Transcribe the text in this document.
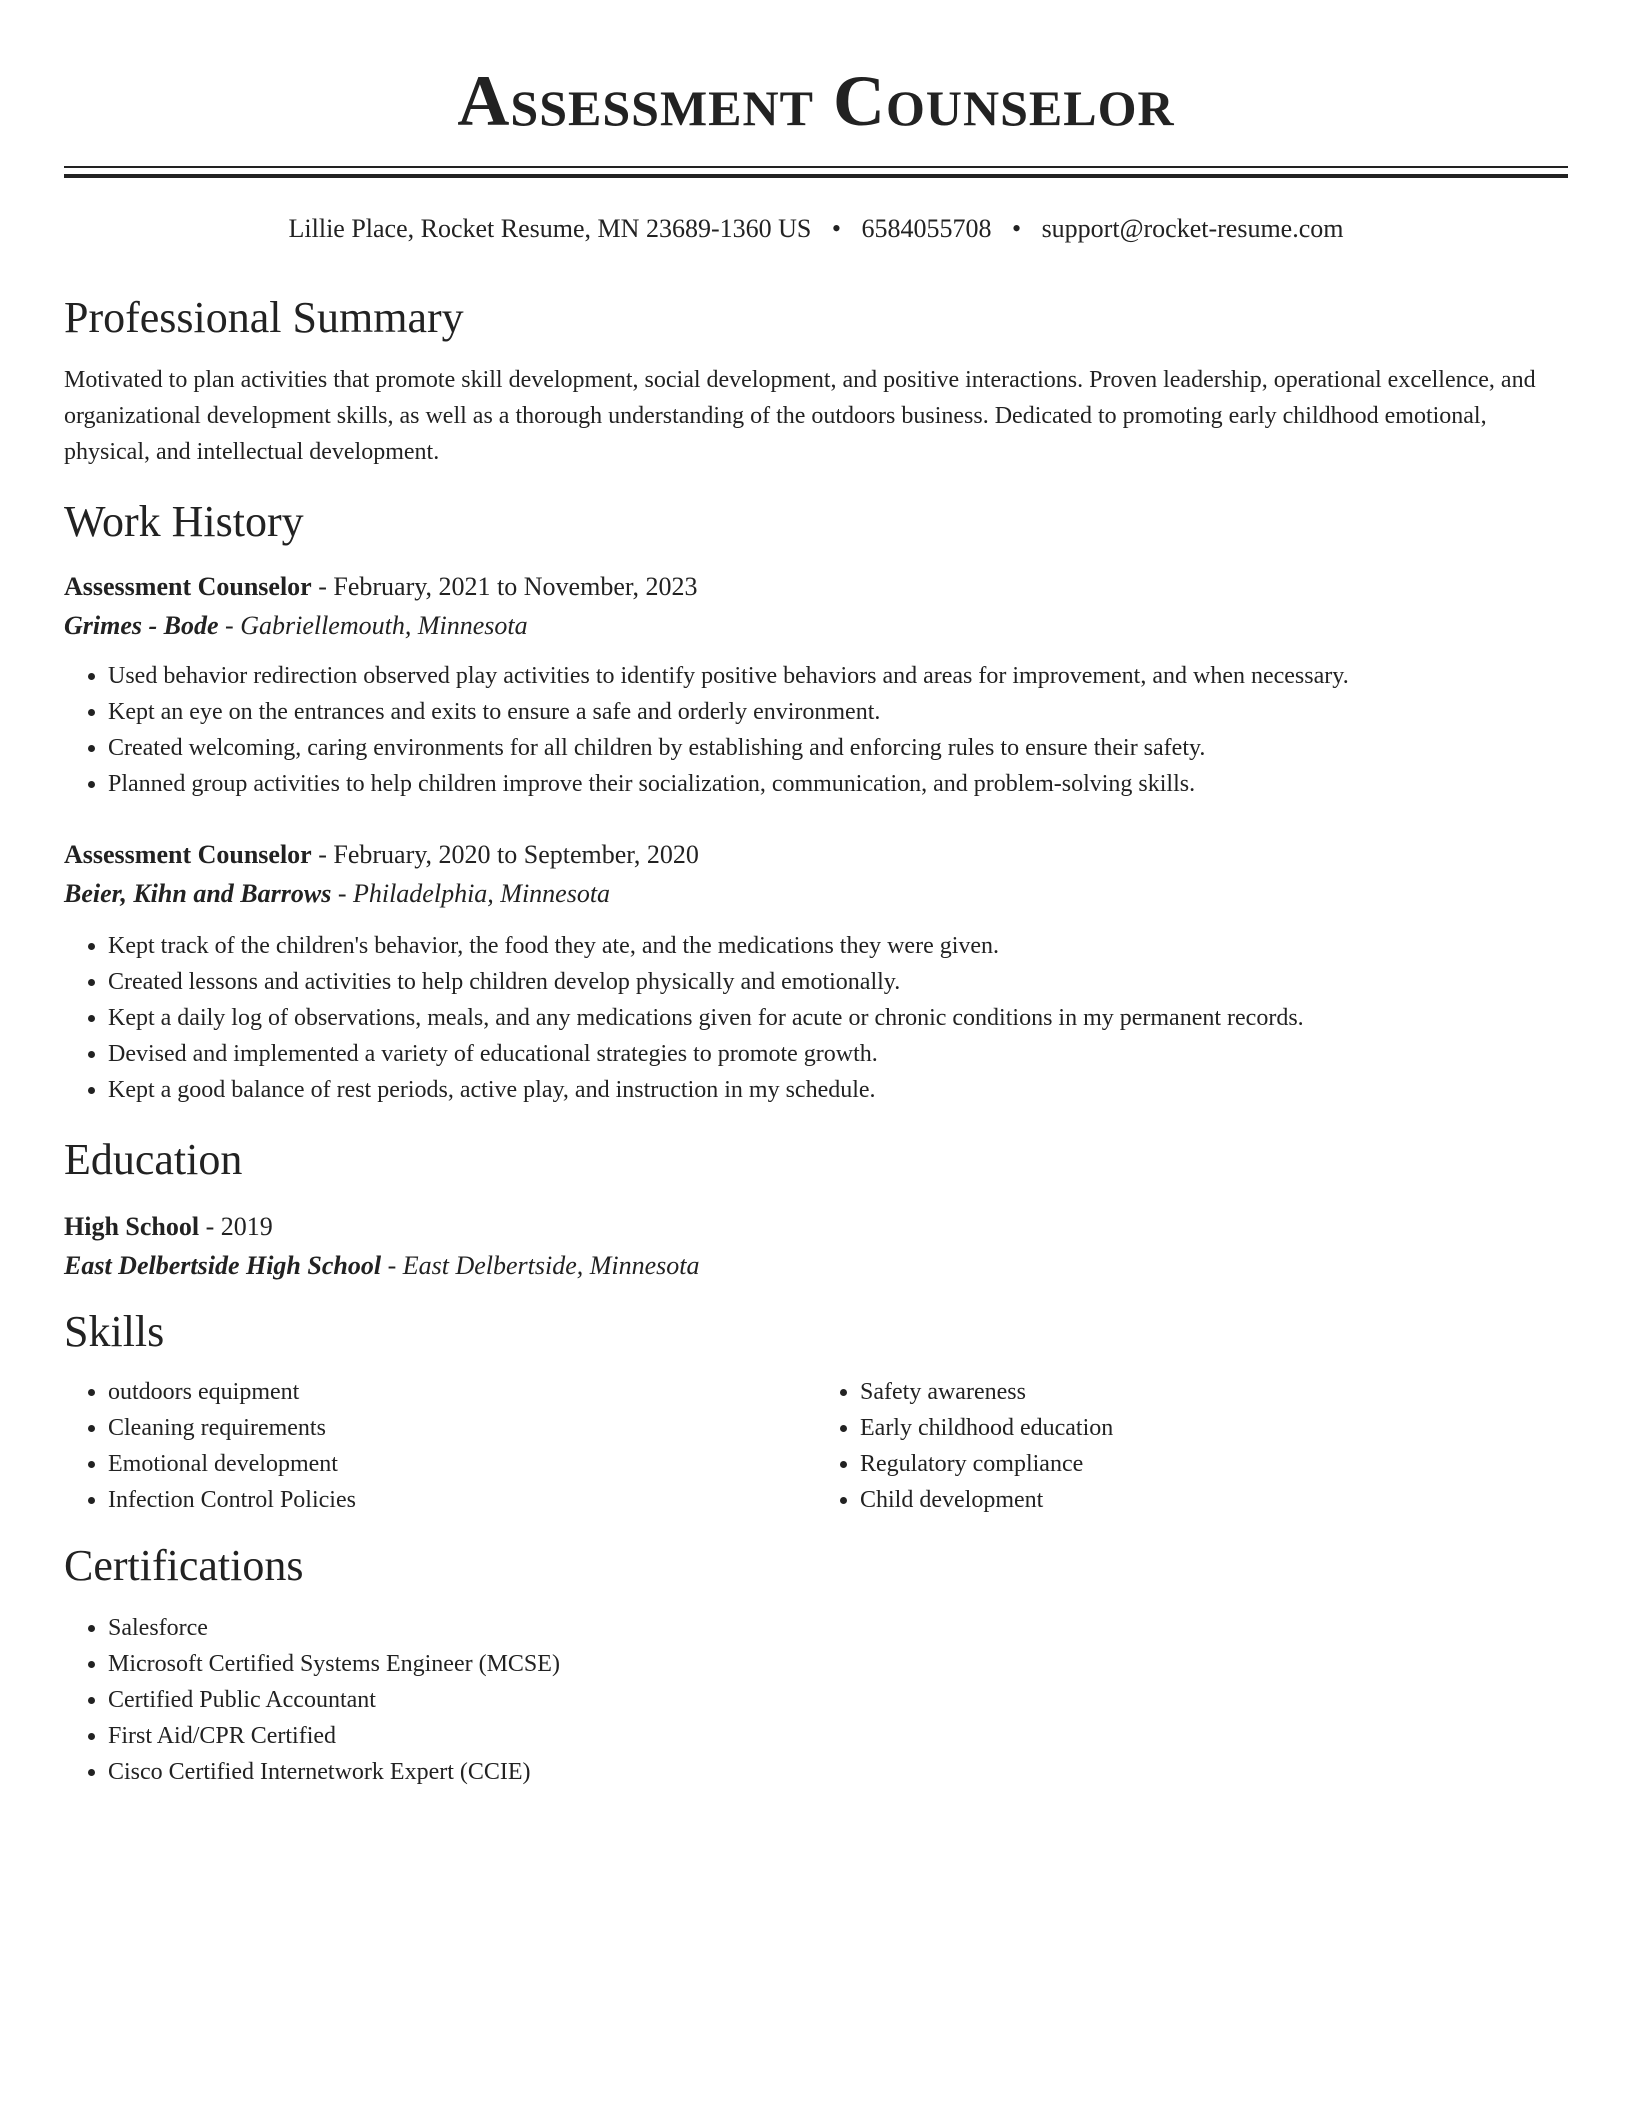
Assessment Counselor
Lillie Place, Rocket Resume, MN 23689-1360 US • 6584055708 • support@rocket-resume.com
Professional Summary
Motivated to plan activities that promote skill development, social development, and positive interactions. Proven leadership, operational excellence, and organizational development skills, as well as a thorough understanding of the outdoors business. Dedicated to promoting early childhood emotional, physical, and intellectual development.
Work History
Assessment Counselor - February, 2021 to November, 2023
Grimes - Bode - Gabriellemouth, Minnesota
• Used behavior redirection observed play activities to identify positive behaviors and areas for improvement, and when necessary.
• Kept an eye on the entrances and exits to ensure a safe and orderly environment.
• Created welcoming, caring environments for all children by establishing and enforcing rules to ensure their safety.
• Planned group activities to help children improve their socialization, communication, and problem-solving skills.
Assessment Counselor - February, 2020 to September, 2020
Beier, Kihn and Barrows - Philadelphia, Minnesota
• Kept track of the children's behavior, the food they ate, and the medications they were given.
• Created lessons and activities to help children develop physically and emotionally.
• Kept a daily log of observations, meals, and any medications given for acute or chronic conditions in my permanent records.
• Devised and implemented a variety of educational strategies to promote growth.
• Kept a good balance of rest periods, active play, and instruction in my schedule.
Education
High School - 2019
East Delbertside High School - East Delbertside, Minnesota
Skills
• outdoors equipment
• Cleaning requirements
• Emotional development
• Infection Control Policies
• Safety awareness
• Early childhood education
• Regulatory compliance
• Child development
Certifications
• Salesforce
• Microsoft Certified Systems Engineer (MCSE)
• Certified Public Accountant
• First Aid/CPR Certified
• Cisco Certified Internetwork Expert (CCIE)
